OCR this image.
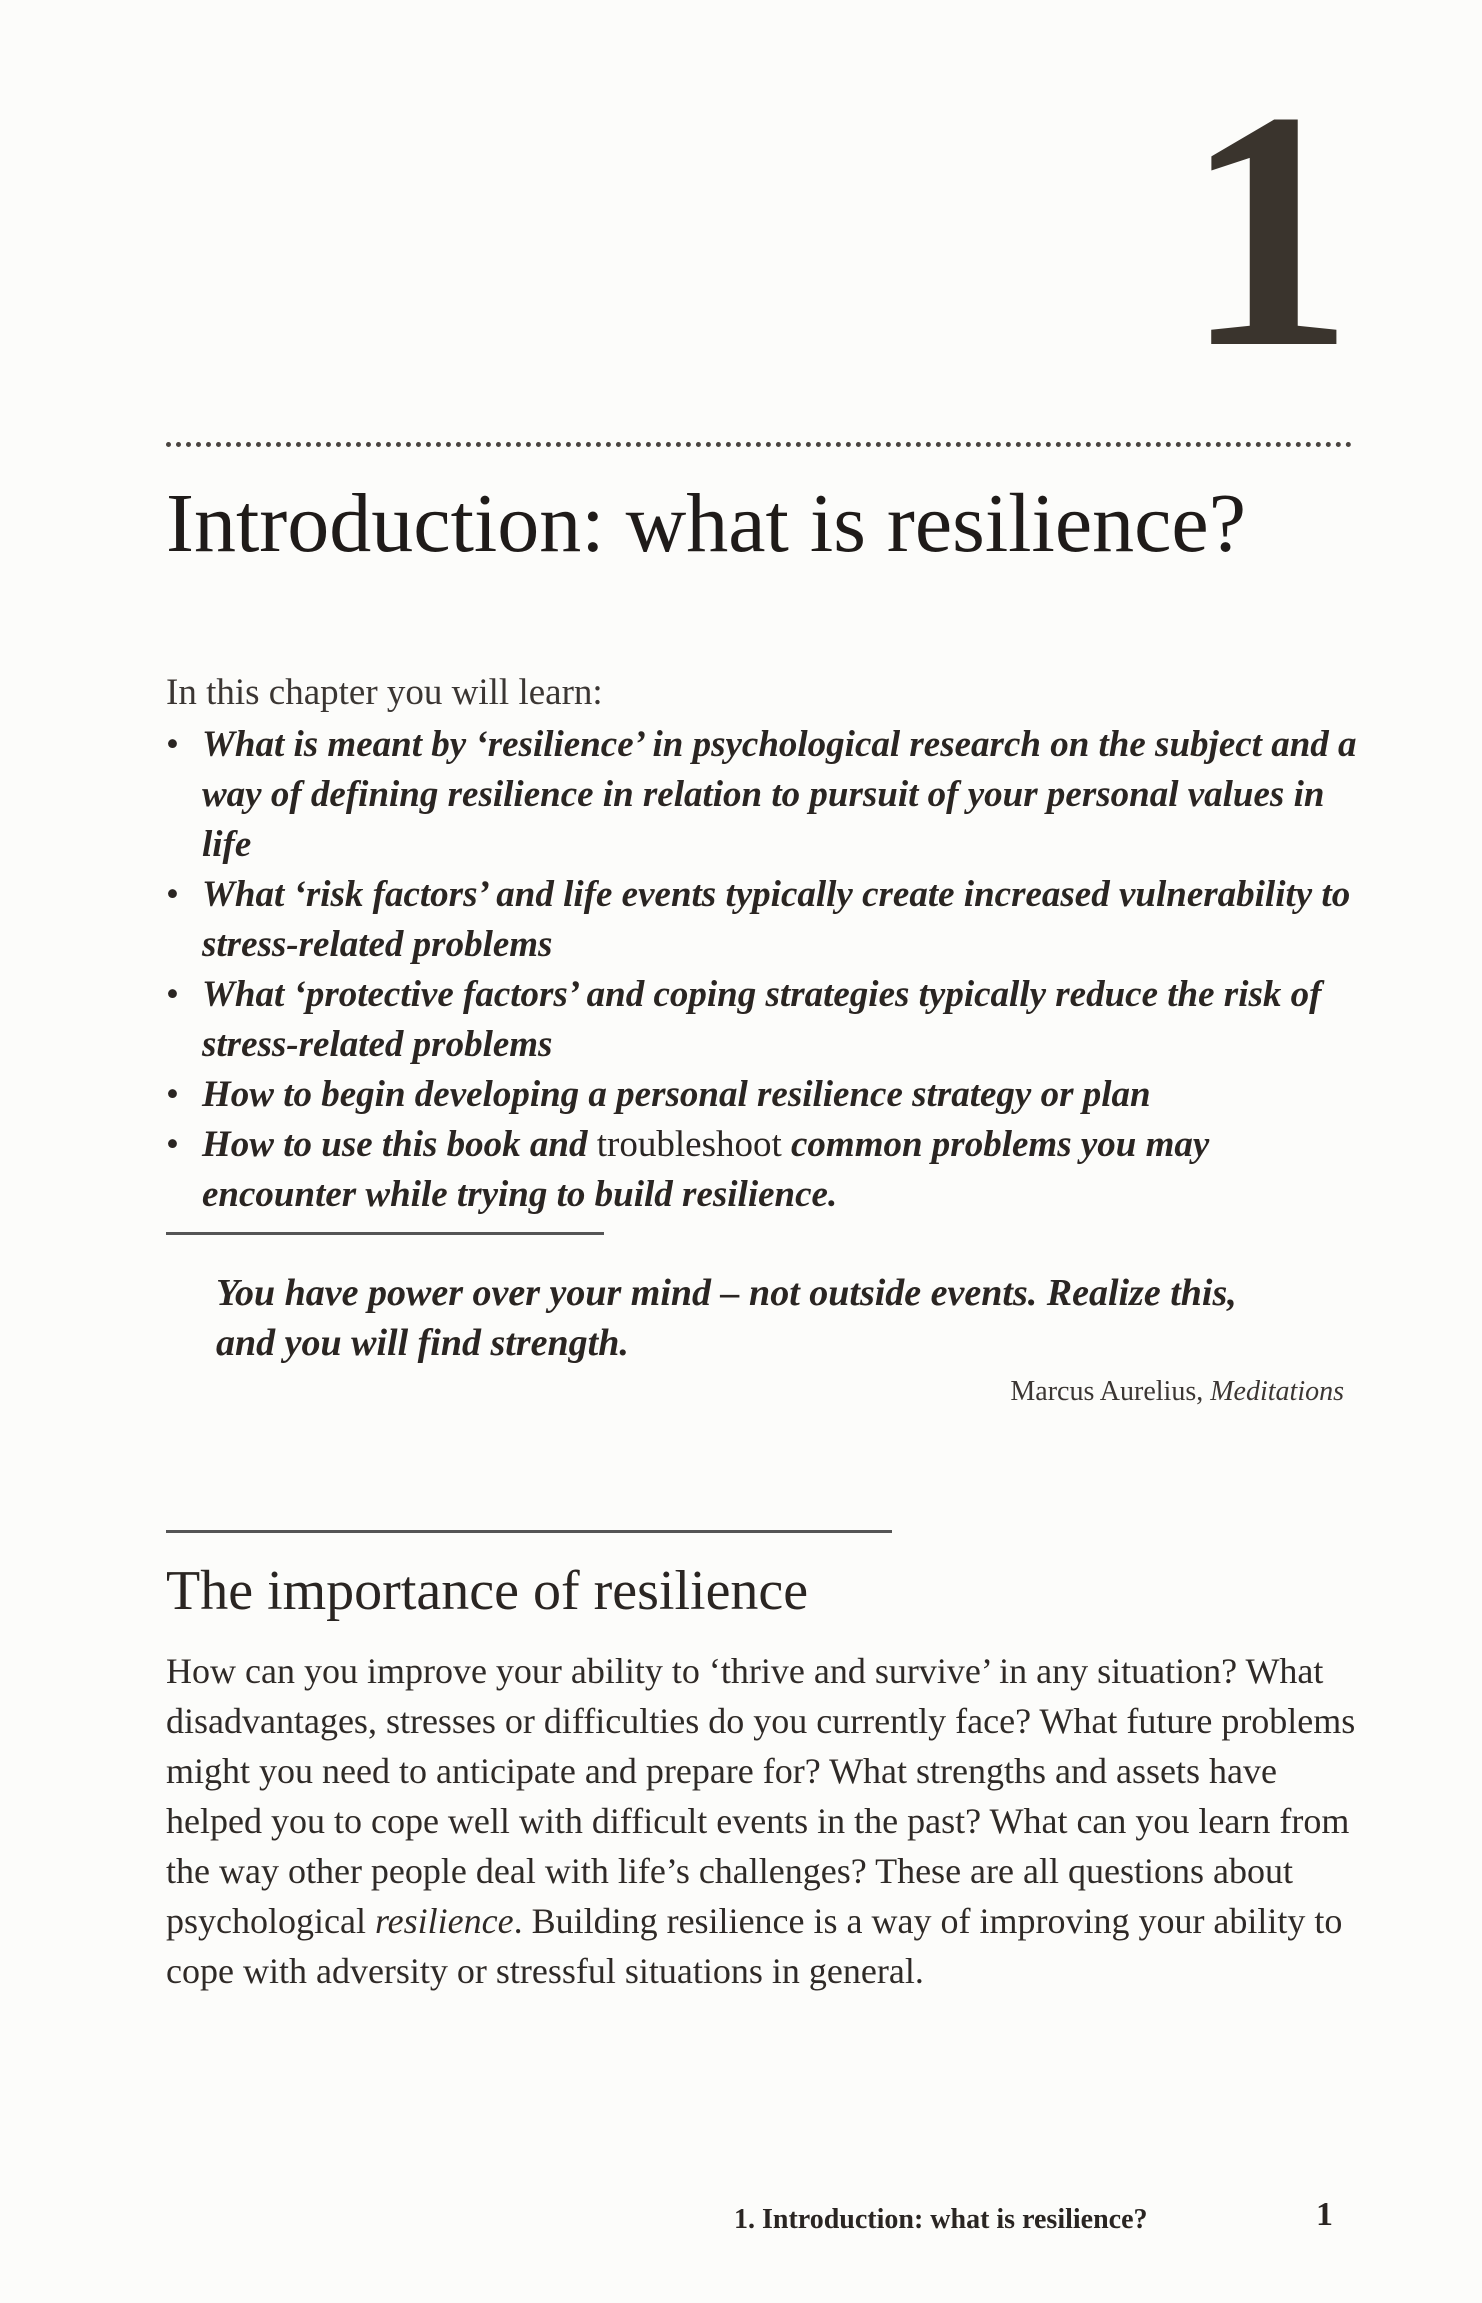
1
Introduction: what is resilience?
In this chapter you will learn:
• What is meant by ‘resilience’ in psychological research on the subject and a way of defining resilience in relation to pursuit of your personal values in life
• What ‘risk factors’ and life events typically create increased vulnerability to stress-related problems
• What ‘protective factors’ and coping strategies typically reduce the risk of stress-related problems
• How to begin developing a personal resilience strategy or plan
• How to use this book and troubleshoot common problems you may encounter while trying to build resilience.

You have power over your mind – not outside events. Realize this, and you will find strength.

Marcus Aurelius, Meditations
The importance of resilience

How can you improve your ability to ‘thrive and survive’ in any situation? What disadvantages, stresses or difficulties do you currently face? What future problems might you need to anticipate and prepare for? What strengths and assets have helped you to cope well with difficult events in the past? What can you learn from the way other people deal with life’s challenges? These are all questions about psychological resilience. Building resilience is a way of improving your ability to cope with adversity or stressful situations in general.

1. Introduction: what is resilience?	1
